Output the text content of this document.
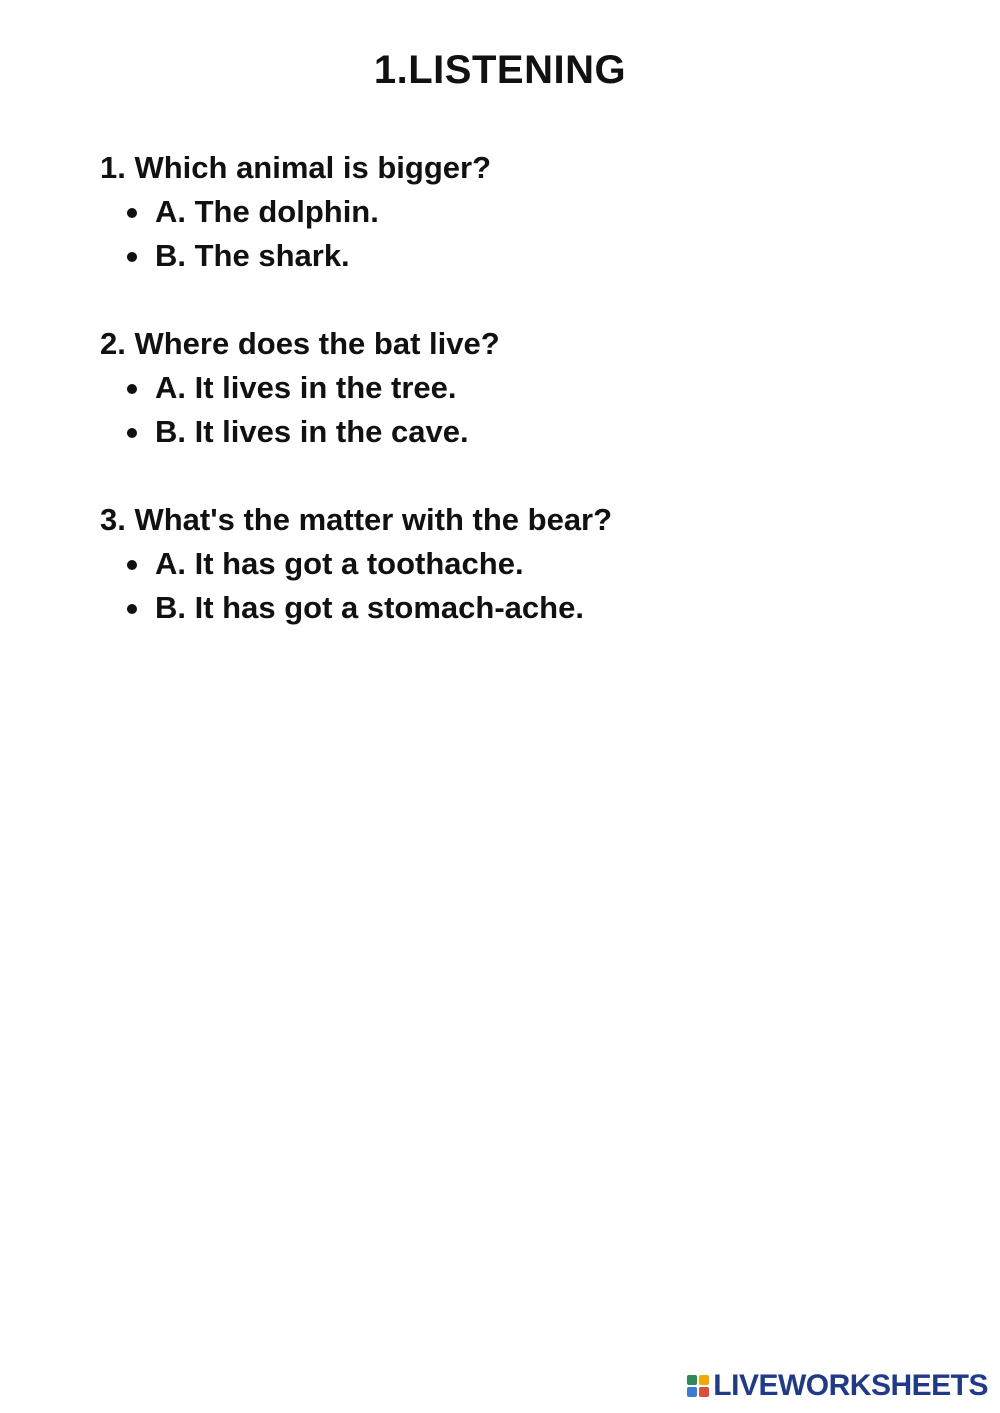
1.LISTENING

1. Which animal is bigger?

A. The dolphin.
B. The shark.

2. Where does the bat live?

A. It lives in the tree.
B. It lives in the cave.

3. What's the matter with the bear?

A. It has got a toothache.
B. It has got a stomach-ache.
LIVEWORKSHEETS
